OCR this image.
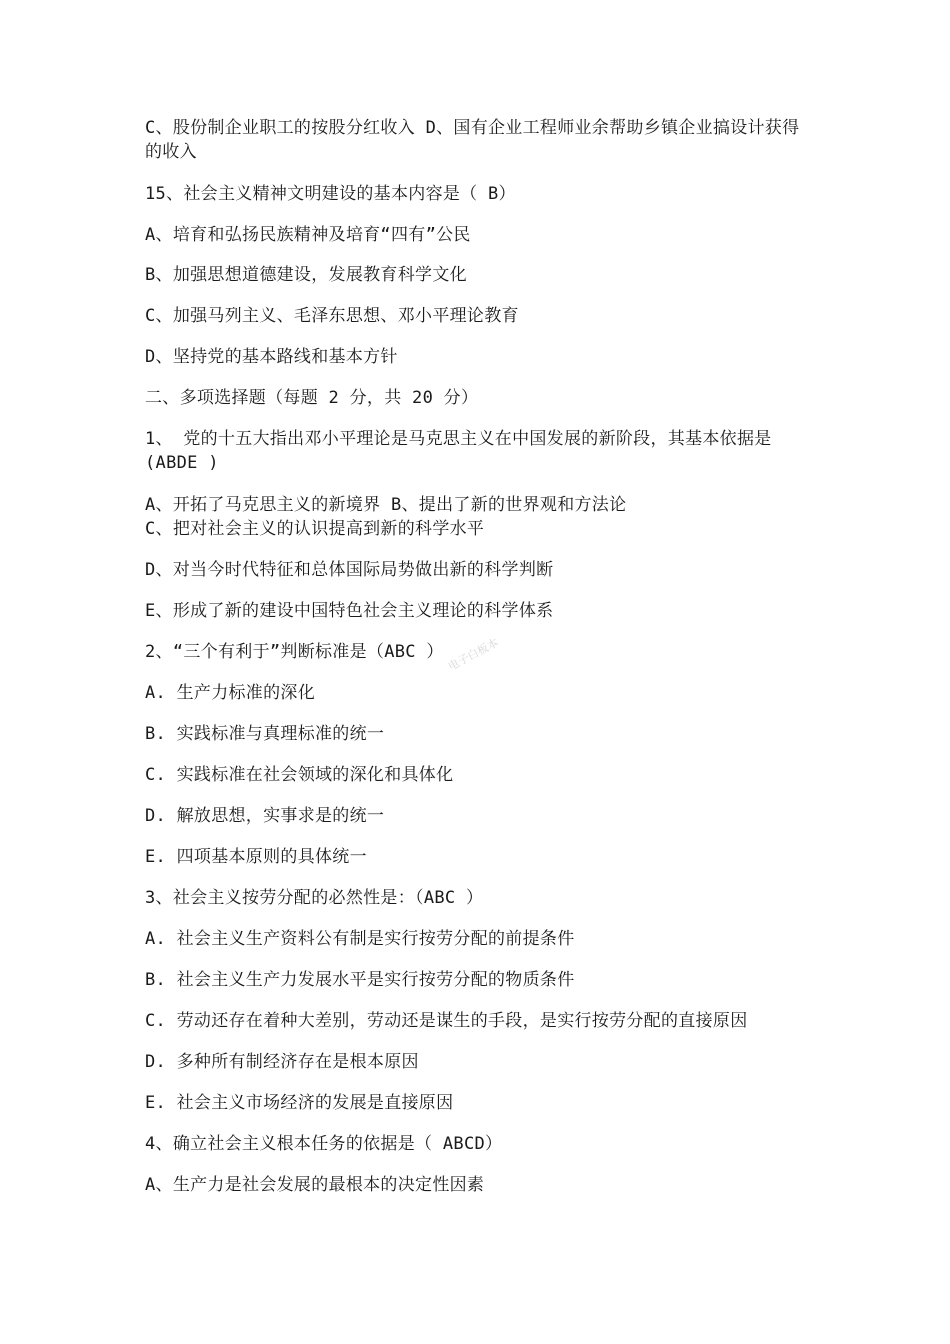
C、股份制企业职工的按股分红收入 D、国有企业工程师业余帮助乡镇企业搞设计获得的收入
15、社会主义精神文明建设的基本内容是（ B）
A、培育和弘扬民族精神及培育“四有”公民
B、加强思想道德建设，发展教育科学文化
C、加强马列主义、毛泽东思想、邓小平理论教育
D、坚持党的基本路线和基本方针
二、多项选择题（每题 2 分，共 20 分）
1、 党的十五大指出邓小平理论是马克思主义在中国发展的新阶段，其基本依据是(ABDE )
A、开拓了马克思主义的新境界 B、提出了新的世界观和方法论
C、把对社会主义的认识提高到新的科学水平
D、对当今时代特征和总体国际局势做出新的科学判断
E、形成了新的建设中国特色社会主义理论的科学体系
2、“三个有利于”判断标准是（ABC ）
A. 生产力标准的深化
B. 实践标准与真理标准的统一
C. 实践标准在社会领域的深化和具体化
D. 解放思想，实事求是的统一
E. 四项基本原则的具体统一
3、社会主义按劳分配的必然性是：（ABC ）
A. 社会主义生产资料公有制是实行按劳分配的前提条件
B. 社会主义生产力发展水平是实行按劳分配的物质条件
C. 劳动还存在着种大差别，劳动还是谋生的手段，是实行按劳分配的直接原因
D. 多种所有制经济存在是根本原因
E. 社会主义市场经济的发展是直接原因
4、确立社会主义根本任务的依据是（ ABCD）
A、生产力是社会发展的最根本的决定性因素
电子白板本
